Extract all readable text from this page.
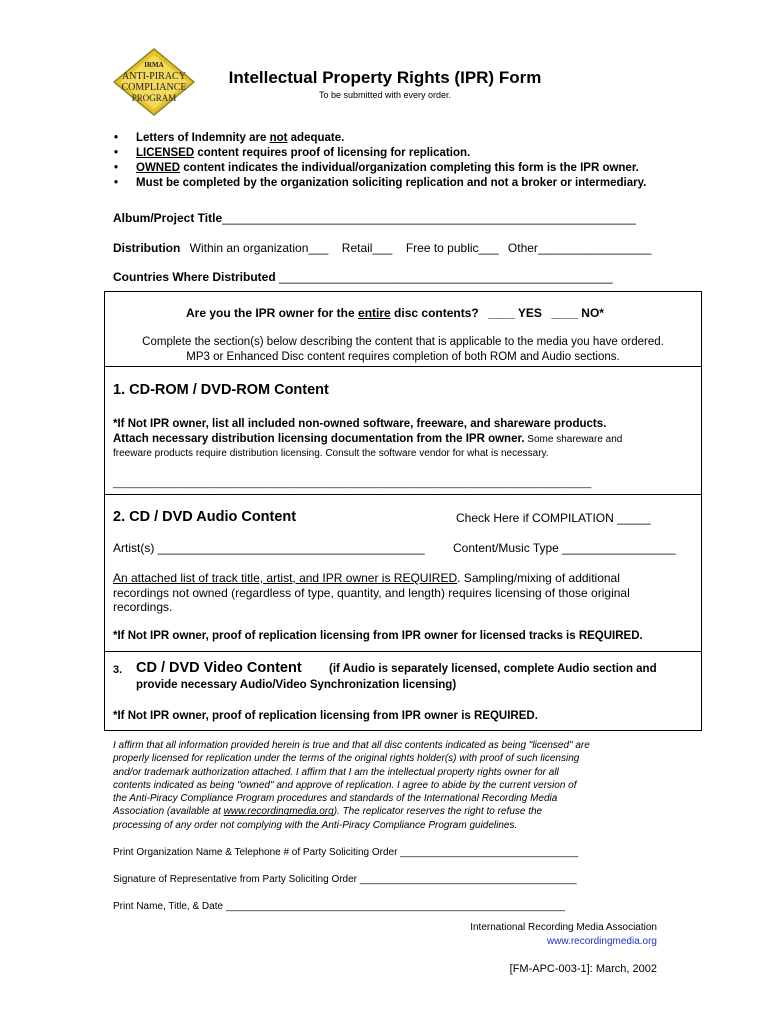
IRMA
ANTI-PIRACY
COMPLIANCE
PROGRAM
Intellectual Property Rights (IPR) Form
To be submitted with every order.
• Letters of Indemnity are not adequate.
• LICENSED content requires proof of licensing for replication.
• OWNED content indicates the individual/organization completing this form is the IPR owner.
• Must be completed by the organization soliciting replication and not a broker or intermediary.
Album/Project Title______________________________________________________________
Distribution Within an organization___ Retail___ Free to public___ Other_________________
Countries Where Distributed __________________________________________________
Are you the IPR owner for the entire disc contents? ____ YES ____ NO*
Complete the section(s) below describing the content that is applicable to the media you have ordered.
MP3 or Enhanced Disc content requires completion of both ROM and Audio sections.
1. CD-ROM / DVD-ROM Content
*If Not IPR owner, list all included non-owned software, freeware, and shareware products.
Attach necessary distribution licensing documentation from the IPR owner. Some shareware and
freeware products require distribution licensing. Consult the software vendor for what is necessary.
______________________________________________________________________________________
2. CD / DVD Audio Content	Check Here if COMPILATION _____
Artist(s) ________________________________________ Content/Music Type _________________
An attached list of track title, artist, and IPR owner is REQUIRED. Sampling/mixing of additional
recordings not owned (regardless of type, quantity, and length) requires licensing of those original
recordings.
*If Not IPR owner, proof of replication licensing from IPR owner for licensed tracks is REQUIRED.
3. CD / DVD Video Content (if Audio is separately licensed, complete Audio section and
provide necessary Audio/Video Synchronization licensing)
*If Not IPR owner, proof of replication licensing from IPR owner is REQUIRED.
I affirm that all information provided herein is true and that all disc contents indicated as being "licensed" are
properly licensed for replication under the terms of the original rights holder(s) with proof of such licensing
and/or trademark authorization attached. I affirm that I am the intellectual property rights owner for all
contents indicated as being "owned" and approve of replication. I agree to abide by the current version of
the Anti-Piracy Compliance Program procedures and standards of the International Recording Media
Association (available at www.recordingmedia.org). The replicator reserves the right to refuse the
processing of any order not complying with the Anti-Piracy Compliance Program guidelines.
Print Organization Name & Telephone # of Party Soliciting Order ________________________________
Signature of Representative from Party Soliciting Order _______________________________________
Print Name, Title, & Date _____________________________________________________________
International Recording Media Association
www.recordingmedia.org
[FM-APC-003-1]: March, 2002
